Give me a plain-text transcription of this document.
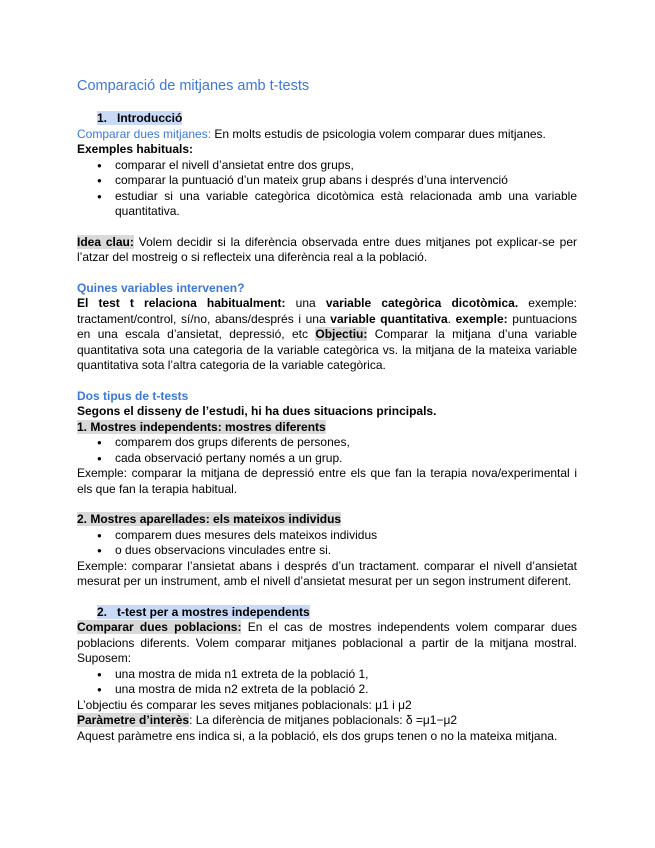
Comparació de mitjanes amb t-tests
1. Introducció

Comparar dues mitjanes: En molts estudis de psicologia volem comparar dues mitjanes.

Exemples habituals:

● comparar el nivell d’ansietat entre dos grups,
● comparar la puntuació d’un mateix grup abans i després d’una intervenció
● estudiar si una variable categòrica dicotòmica està relacionada amb una variable quantitativa.

Idea clau: Volem decidir si la diferència observada entre dues mitjanes pot explicar-se per l’atzar del mostreig o si reflecteix una diferència real a la població.

Quines variables intervenen?

El test t relaciona habitualment: una variable categòrica dicotòmica. exemple: tractament/control, sí/no, abans/després i una variable quantitativa. exemple: puntuacions en una escala d’ansietat, depressió, etc Objectiu: Comparar la mitjana d’una variable quantitativa sota una categoria de la variable categòrica vs. la mitjana de la mateixa variable quantitativa sota l’altra categoria de la variable categòrica.

Dos tipus de t-tests

Segons el disseny de l’estudi, hi ha dues situacions principals.

1. Mostres independents: mostres diferents

● comparem dos grups diferents de persones,
● cada observació pertany només a un grup.

Exemple: comparar la mitjana de depressió entre els que fan la terapia nova/experimental i els que fan la terapia habitual.

2. Mostres aparellades: els mateixos individus

● comparem dues mesures dels mateixos individus
● o dues observacions vinculades entre si.

Exemple: comparar l’ansietat abans i després d’un tractament. comparar el nivell d’ansietat mesurat per un instrument, amb el nivell d’ansietat mesurat per un segon instrument diferent.

2. t-test per a mostres independents

Comparar dues poblacions: En el cas de mostres independents volem comparar dues poblacions diferents. Volem comparar mitjanes poblacional a partir de la mitjana mostral. Suposem:

● una mostra de mida n1 extreta de la població 1,
● una mostra de mida n2 extreta de la població 2.

L’objectiu és comparar les seves mitjanes poblacionals: μ1 i μ2

Paràmetre d’interès: La diferència de mitjanes poblacionals: δ =μ1−μ2

Aquest paràmetre ens indica si, a la població, els dos grups tenen o no la mateixa mitjana.
